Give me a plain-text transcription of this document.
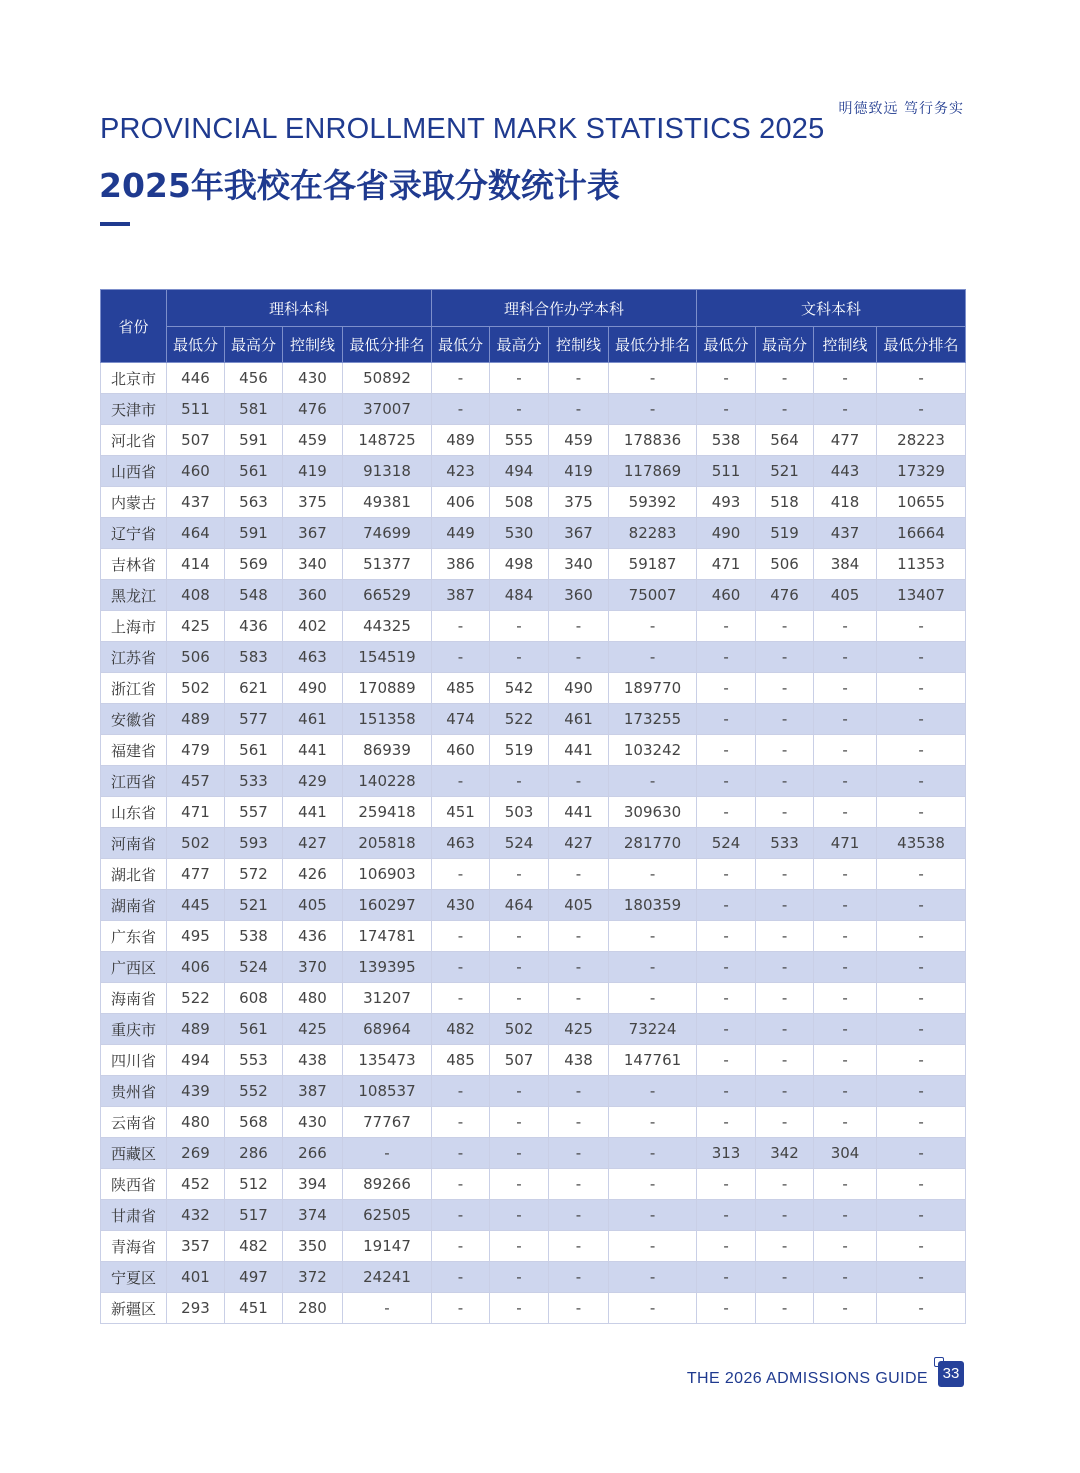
明德致远 笃行务实
PROVINCIAL ENROLLMENT MARK STATISTICS 2025
2025年我校在各省录取分数统计表
省份	理科本科				理科合作办学本科				文科本科			
	最低分	最高分	控制线	最低分排名	最低分	最高分	控制线	最低分排名	最低分	最高分	控制线	最低分排名
北京市	446	456	430	50892	-	-	-	-	-	-	-	-
天津市	511	581	476	37007	-	-	-	-	-	-	-	-
河北省	507	591	459	148725	489	555	459	178836	538	564	477	28223
山西省	460	561	419	91318	423	494	419	117869	511	521	443	17329
内蒙古	437	563	375	49381	406	508	375	59392	493	518	418	10655
辽宁省	464	591	367	74699	449	530	367	82283	490	519	437	16664
吉林省	414	569	340	51377	386	498	340	59187	471	506	384	11353
黑龙江	408	548	360	66529	387	484	360	75007	460	476	405	13407
上海市	425	436	402	44325	-	-	-	-	-	-	-	-
江苏省	506	583	463	154519	-	-	-	-	-	-	-	-
浙江省	502	621	490	170889	485	542	490	189770	-	-	-	-
安徽省	489	577	461	151358	474	522	461	173255	-	-	-	-
福建省	479	561	441	86939	460	519	441	103242	-	-	-	-
江西省	457	533	429	140228	-	-	-	-	-	-	-	-
山东省	471	557	441	259418	451	503	441	309630	-	-	-	-
河南省	502	593	427	205818	463	524	427	281770	524	533	471	43538
湖北省	477	572	426	106903	-	-	-	-	-	-	-	-
湖南省	445	521	405	160297	430	464	405	180359	-	-	-	-
广东省	495	538	436	174781	-	-	-	-	-	-	-	-
广西区	406	524	370	139395	-	-	-	-	-	-	-	-
海南省	522	608	480	31207	-	-	-	-	-	-	-	-
重庆市	489	561	425	68964	482	502	425	73224	-	-	-	-
四川省	494	553	438	135473	485	507	438	147761	-	-	-	-
贵州省	439	552	387	108537	-	-	-	-	-	-	-	-
云南省	480	568	430	77767	-	-	-	-	-	-	-	-
西藏区	269	286	266	-	-	-	-	-	313	342	304	-
陕西省	452	512	394	89266	-	-	-	-	-	-	-	-
甘肃省	432	517	374	62505	-	-	-	-	-	-	-	-
青海省	357	482	350	19147	-	-	-	-	-	-	-	-
宁夏区	401	497	372	24241	-	-	-	-	-	-	-	-
新疆区	293	451	280	-	-	-	-	-	-	-	-	-
THE 2026 ADMISSIONS GUIDE 33
